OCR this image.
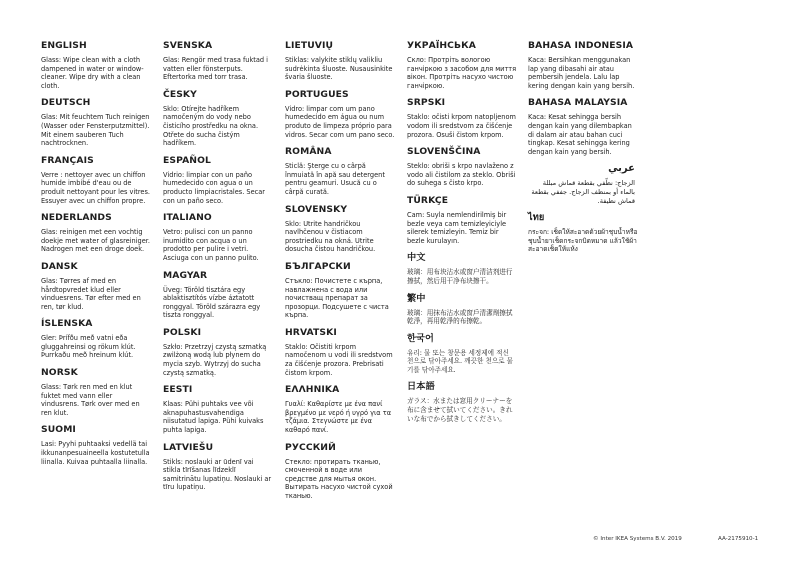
ENGLISH
Glass: Wipe clean with a cloth dampened in water or window-cleaner. Wipe dry with a clean cloth.
DEUTSCH
Glas: Mit feuchtem Tuch reinigen (Wasser oder Fensterputzmittel). Mit einem sauberen Tuch nachtrocknen.
FRANÇAIS
Verre : nettoyer avec un chiffon humide imbibé d'eau ou de produit nettoyant pour les vitres. Essuyer avec un chiffon propre.
NEDERLANDS
Glas: reinigen met een vochtig doekje met water of glasreiniger. Nadrogen met een droge doek.
DANSK
Glas: Tørres af med en hårdtopvredet klud eller vinduesrens. Tør efter med en ren, tør klud.
ÍSLENSKA
Gler: Þrífðu með vatni eða gluggahreinsi og rökum klút. Þurrkaðu með hreinum klút.
NORSK
Glass: Tørk ren med en klut fuktet med vann eller vindusrens. Tørk over med en ren klut.
SUOMI
Lasi: Pyyhi puhtaaksi vedellä tai ikkunanpesuaineella kostutetulla liinalla. Kuivaa puhtaalla liinalla.
SVENSKA
Glas: Rengör med trasa fuktad i vatten eller fönsterputs. Eftertorka med torr trasa.
ČESKY
Sklo: Otírejte hadříkem namočeným do vody nebo čisticího prostředku na okna. Otřete do sucha čistým hadříkem.
ESPAÑOL
Vidrio: limpiar con un paño humedecido con agua o un producto limpiacristales. Secar con un paño seco.
ITALIANO
Vetro: pulisci con un panno inumidito con acqua o un prodotto per pulire i vetri. Asciuga con un panno pulito.
MAGYAR
Üveg: Töröld tisztára egy ablaktisztítós vízbe áztatott ronggyal. Töröld szárazra egy tiszta ronggyal.
POLSKI
Szkło: Przetrzyj czystą szmatką zwilżoną wodą lub płynem do mycia szyb. Wytrzyj do sucha czystą szmatką.
EESTI
Klaas: Pühi puhtaks vee või aknapuhastusvahendiga niisutatud lapiga. Pühi kuivaks puhta lapiga.
LATVIEŠU
Stikls: noslauki ar ūdenī vai stikla tīrīšanas līdzeklī samitrinātu lupatiņu. Noslauki ar tīru lupatiņu.
LIETUVIŲ
Stiklas: valykite stiklų valikliu sudrėkinta šluoste. Nusausinkite švaria šluoste.
PORTUGUES
Vidro: limpar com um pano humedecido em água ou num produto de limpeza próprio para vidros. Secar com um pano seco.
ROMÂNA
Sticlă: Şterge cu o cârpă înmuiată în apă sau detergent pentru geamuri. Usucă cu o cârpă curată.
SLOVENSKY
Sklo: Utrite handričkou navlhčenou v čistiacom prostriedku na okná. Utrite dosucha čistou handričkou.
БЪЛГАРСКИ
Стъкло: Почистете с кърпа, навлажнена с вода или почистващ препарат за прозорци. Подсушете с чиста кърпа.
HRVATSKI
Staklo: Očistiti krpom namočenom u vodi ili sredstvom za čišćenje prozora. Prebrisati čistom krpom.
ΕΛΛΗΝΙΚΑ
Γυαλί: Καθαρίστε με ένα πανί βρεγμένο με νερό ή υγρό για τα τζάμια. Στεγνώστε με ένα καθαρό πανί.
РУССКИЙ
Стекло: протирать тканью, смоченной в воде или средстве для мытья окон. Вытирать насухо чистой сухой тканью.
УКРАЇНСЬКА
Скло: Протріть вологою ганчіркою з засобом для миття вікон. Протріть насухо чистою ганчіркою.
SRPSKI
Staklo: očisti krpom natopljenom vodom ili sredstvom za čišćenje prozora. Osuši čistom krpom.
SLOVENŠČINA
Steklo: obriši s krpo navlaženo z vodo ali čistilom za steklo. Obriši do suhega s čisto krpo.
TÜRKÇE
Cam: Suyla nemlendirilmiş bir bezle veya cam temizleyiciyle silerek temizleyin. Temiz bir bezle kurulayın.
中文
玻璃：用布块沾水或窗户清洁剂进行擦拭，然后用干净布块擦干。
繁中
玻璃：用抹布沾水或窗戶清潔劑擦拭乾淨，再用乾淨的布擦乾。
한국어
유리: 물 또는 창문용 세정제에 적신 천으로 닦아주세요. 깨끗한 천으로 물기를 닦아주세요.
日本語
ガラス：水または窓用クリーナーを布に含ませて拭いてください。きれいな布でから拭きしてください。
BAHASA INDONESIA
Kaca: Bersihkan menggunakan lap yang dibasahi air atau pembersih jendela. Lalu lap kering dengan kain yang bersih.
BAHASA MALAYSIA
Kaca: Kesat sehingga bersih dengan kain yang dilembapkan di dalam air atau bahan cuci tingkap. Kesat sehingga kering dengan kain yang bersih.
عربي
الزجاج: نظّفي بقطعة قماش مبللة بالماء أو بمنظف الزجاج. جففي بقطعة قماش نظيفة.
ไทย
กระจก: เช็ดให้สะอาดด้วยผ้าชุบน้ำหรือชุบน้ำยาเช็ดกระจกบิดหมาด แล้วใช้ผ้าสะอาดเช็ดให้แห้ง
© Inter IKEA Systems B.V. 2019	AA-2175910-1
